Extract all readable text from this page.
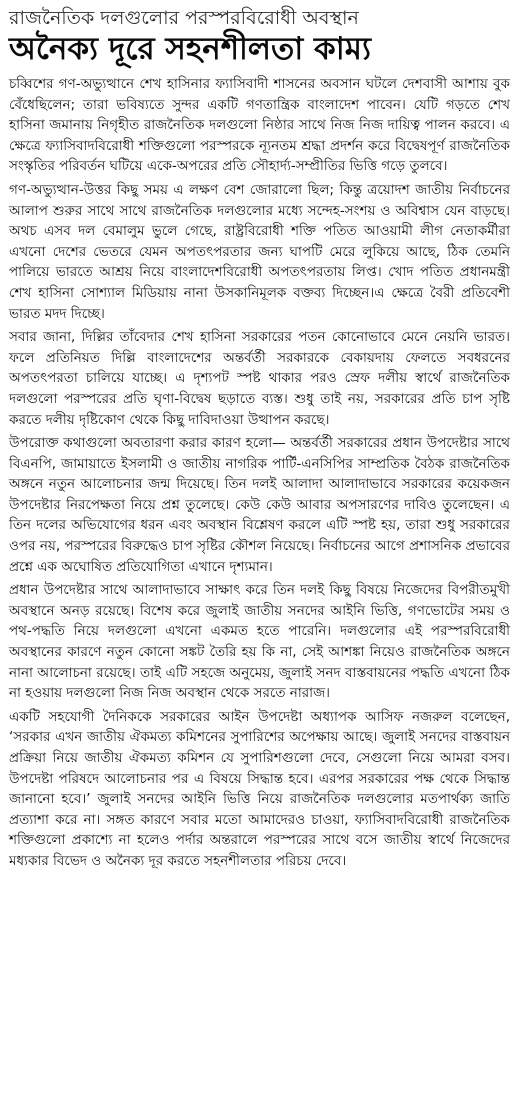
রাজনৈতিক দলগুলোর পরস্পরবিরোধী অবস্থান
অনৈক্য দূরে সহনশীলতা কাম্য

চব্বিশের গণ-অভ্যুত্থানে শেখ হাসিনার ফ্যাসিবাদী শাসনের অবসান ঘটলে দেশবাসী আশায় বুক বেঁধেছিলেন; তারা ভবিষ্যতে সুন্দর একটি গণতান্ত্রিক বাংলাদেশ পাবেন। যেটি গড়তে শেখ হাসিনা জমানায় নিগৃহীত রাজনৈতিক দলগুলো নিষ্ঠার সাথে নিজ নিজ দায়িত্ব পালন করবে। এ ক্ষেত্রে ফ্যাসিবাদবিরোধী শক্তিগুলো পরস্পরকে ন্যূনতম শ্রদ্ধা প্রদর্শন করে বিদ্বেষপূর্ণ রাজনৈতিক সংস্কৃতির পরিবর্তন ঘটিয়ে একে-অপরের প্রতি সৌহার্দ্য-সম্প্রীতির ভিত্তি গড়ে তুলবে।

গণ-অভ্যুত্থান-উত্তর কিছু সময় এ লক্ষণ বেশ জোরালো ছিল; কিন্তু ত্রয়োদশ জাতীয় নির্বাচনের আলাপ শুরুর সাথে সাথে রাজনৈতিক দলগুলোর মধ্যে সন্দেহ-সংশয় ও অবিশ্বাস যেন বাড়ছে। অথচ এসব দল বেমালুম ভুলে গেছে, রাষ্ট্রবিরোধী শক্তি পতিত আওয়ামী লীগ নেতাকর্মীরা এখনো দেশের ভেতরে যেমন অপতৎপরতার জন্য ঘাপটি মেরে লুকিয়ে আছে, ঠিক তেমনি পালিয়ে ভারতে আশ্রয় নিয়ে বাংলাদেশবিরোধী অপতৎপরতায় লিপ্ত। খোদ পতিত প্রধানমন্ত্রী শেখ হাসিনা সোশ্যাল মিডিয়ায় নানা উসকানিমূলক বক্তব্য দিচ্ছেন।এ ক্ষেত্রে বৈরী প্রতিবেশী ভারত মদদ দিচ্ছে।

সবার জানা, দিল্লির তাঁবেদার শেখ হাসিনা সরকারের পতন কোনোভাবে মেনে নেয়নি ভারত। ফলে প্রতিনিয়ত দিল্লি বাংলাদেশের অন্তর্বর্তী সরকারকে বেকায়দায় ফেলতে সবধরনের অপতৎপরতা চালিয়ে যাচ্ছে। এ দৃশ্যপট স্পষ্ট থাকার পরও স্রেফ দলীয় স্বার্থে রাজনৈতিক দলগুলো পরস্পরের প্রতি ঘৃণা-বিদ্বেষ ছড়াতে ব্যস্ত। শুধু তাই নয়, সরকারের প্রতি চাপ সৃষ্টি করতে দলীয় দৃষ্টিকোণ থেকে কিছু দাবিদাওয়া উত্থাপন করছে।

উপরোক্ত কথাগুলো অবতারণা করার কারণ হলো— অন্তর্বর্তী সরকারের প্রধান উপদেষ্টার সাথে বিএনপি, জামায়াতে ইসলামী ও জাতীয় নাগরিক পার্টি-এনসিপির সাম্প্রতিক বৈঠক রাজনৈতিক অঙ্গনে নতুন আলোচনার জন্ম দিয়েছে। তিন দলই আলাদা আলাদাভাবে সরকারের কয়েকজন উপদেষ্টার নিরপেক্ষতা নিয়ে প্রশ্ন তুলেছে। কেউ কেউ আবার অপসারণের দাবিও তুলেছেন। এ তিন দলের অভিযোগের ধরন এবং অবস্থান বিশ্লেষণ করলে এটি স্পষ্ট হয়, তারা শুধু সরকারের ওপর নয়, পরস্পরের বিরুদ্ধেও চাপ সৃষ্টির কৌশল নিয়েছে। নির্বাচনের আগে প্রশাসনিক প্রভাবের প্রশ্নে এক অঘোষিত প্রতিযোগিতা এখানে দৃশ্যমান।

প্রধান উপদেষ্টার সাথে আলাদাভাবে সাক্ষাৎ করে তিন দলই কিছু বিষয়ে নিজেদের বিপরীতমুখী অবস্থানে অনড় রয়েছে। বিশেষ করে জুলাই জাতীয় সনদের আইনি ভিত্তি, গণভোটের সময় ও পথ-পদ্ধতি নিয়ে দলগুলো এখনো একমত হতে পারেনি। দলগুলোর এই পরস্পরবিরোধী অবস্থানের কারণে নতুন কোনো সঙ্কট তৈরি হয় কি না, সেই আশঙ্কা নিয়েও রাজনৈতিক অঙ্গনে নানা আলোচনা রয়েছে। তাই এটি সহজে অনুমেয়, জুলাই সনদ বাস্তবায়নের পদ্ধতি এখনো ঠিক না হওয়ায় দলগুলো নিজ নিজ অবস্থান থেকে সরতে নারাজ।

একটি সহযোগী দৈনিককে সরকারের আইন উপদেষ্টা অধ্যাপক আসিফ নজরুল বলেছেন, ‘সরকার এখন জাতীয় ঐকমত্য কমিশনের সুপারিশের অপেক্ষায় আছে। জুলাই সনদের বাস্তবায়ন প্রক্রিয়া নিয়ে জাতীয় ঐকমত্য কমিশন যে সুপারিশগুলো দেবে, সেগুলো নিয়ে আমরা বসব। উপদেষ্টা পরিষদে আলোচনার পর এ বিষয়ে সিদ্ধান্ত হবে। এরপর সরকারের পক্ষ থেকে সিদ্ধান্ত জানানো হবে।’ জুলাই সনদের আইনি ভিত্তি নিয়ে রাজনৈতিক দলগুলোর মতপার্থক্য জাতি প্রত্যাশা করে না। সঙ্গত কারণে সবার মতো আমাদেরও চাওয়া, ফ্যাসিবাদবিরোধী রাজনৈতিক শক্তিগুলো প্রকাশ্যে না হলেও পর্দার অন্তরালে পরস্পরের সাথে বসে জাতীয় স্বার্থে নিজেদের মধ্যকার বিভেদ ও অনৈক্য দূর করতে সহনশীলতার পরিচয় দেবে।
